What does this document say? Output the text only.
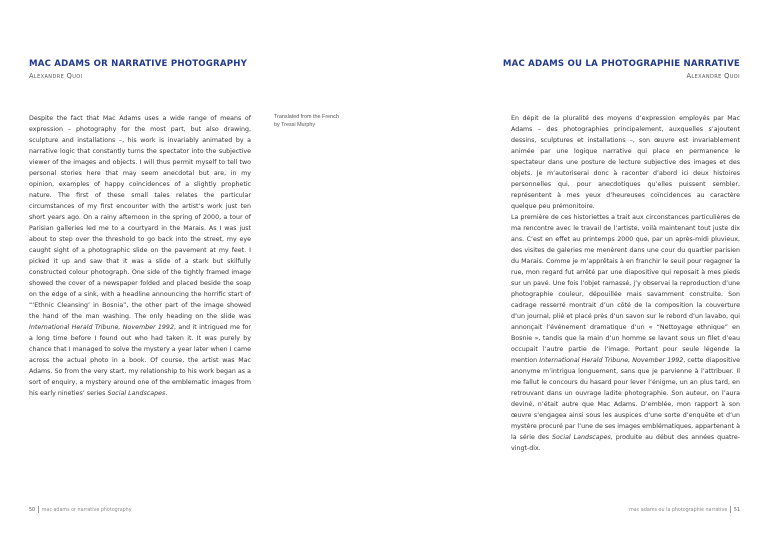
MAC ADAMS OR NARRATIVE PHOTOGRAPHY
Alexandre Quoi

Despite the fact that Mac Adams uses a wide range of means of expression – photography for the most part, but also drawing, sculpture and installations –, his work is invariably animated by a narrative logic that constantly turns the spectator into the subjective viewer of the images and objects. I will thus permit myself to tell two personal stories here that may seem anecdotal but are, in my opinion, examples of happy coincidences of a slightly prophetic nature. The first of these small tales relates the particular circumstances of my first encounter with the artist’s work just ten short years ago. On a rainy afternoon in the spring of 2000, a tour of Parisian galleries led me to a courtyard in the Marais. As I was just about to step over the threshold to go back into the street, my eye caught sight of a photographic slide on the pavement at my feet. I picked it up and saw that it was a slide of a stark but skilfully constructed colour photograph. One side of the tightly framed image showed the cover of a newspaper folded and placed beside the soap on the edge of a sink, with a headline announcing the horrific start of “‘Ethnic Cleansing’ in Bosnia”, the other part of the image showed the hand of the man washing. The only heading on the slide was International Herald Tribune, November 1992, and it intrigued me for a long time before I found out who had taken it. It was purely by chance that I managed to solve the mystery a year later when I came across the actual photo in a book. Of course, the artist was Mac Adams. So from the very start, my relationship to his work began as a sort of enquiry, a mystery around one of the emblematic images from his early nineties’ series Social Landscapes.

Translated from the French
by Tressi Murphy
MAC ADAMS OU LA PHOTOGRAPHIE NARRATIVE
Alexandre Quoi

En dépit de la pluralité des moyens d’expression employés par Mac Adams – des photographies principalement, auxquelles s’ajoutent dessins, sculptures et installations –, son œuvre est invariablement animée par une logique narrative qui place en permanence le spectateur dans une posture de lecture subjective des images et des objets. Je m’autoriserai donc à raconter d’abord ici deux histoires personnelles qui, pour anecdotiques qu’elles puissent sembler, représentent à mes yeux d’heureuses coïncidences au caractère quelque peu prémonitoire.

La première de ces historiettes a trait aux circonstances particulières de ma rencontre avec le travail de l’artiste, voilà maintenant tout juste dix ans. C’est en effet au printemps 2000 que, par un après-midi pluvieux, des visites de galeries me menèrent dans une cour du quartier parisien du Marais. Comme je m’apprêtais à en franchir le seuil pour regagner la rue, mon regard fut arrêté par une diapositive qui reposait à mes pieds sur un pavé. Une fois l’objet ramassé, j’y observai la reproduction d’une photographie couleur, dépouillée mais savamment construite. Son cadrage resserré montrait d’un côté de la composition la couverture d’un journal, plié et placé près d’un savon sur le rebord d’un lavabo, qui annonçait l’événement dramatique d’un « “Nettoyage ethnique” en Bosnie », tandis que la main d’un homme se lavant sous un filet d’eau occupait l’autre partie de l’image. Portant pour seule légende la mention International Herald Tribune, November 1992, cette diapositive anonyme m’intrigua longuement, sans que je parvienne à l’attribuer. Il me fallut le concours du hasard pour lever l’énigme, un an plus tard, en retrouvant dans un ouvrage ladite photographie. Son auteur, on l’aura deviné, n’était autre que Mac Adams. D’emblée, mon rapport à son œuvre s’engagea ainsi sous les auspices d’une sorte d’enquête et d’un mystère procuré par l’une de ses images emblématiques, appartenant à la série des Social Landscapes, produite au début des années quatre-vingt-dix.

50 mac adams or narrative photography	mac adams ou la photographie narrative 51
